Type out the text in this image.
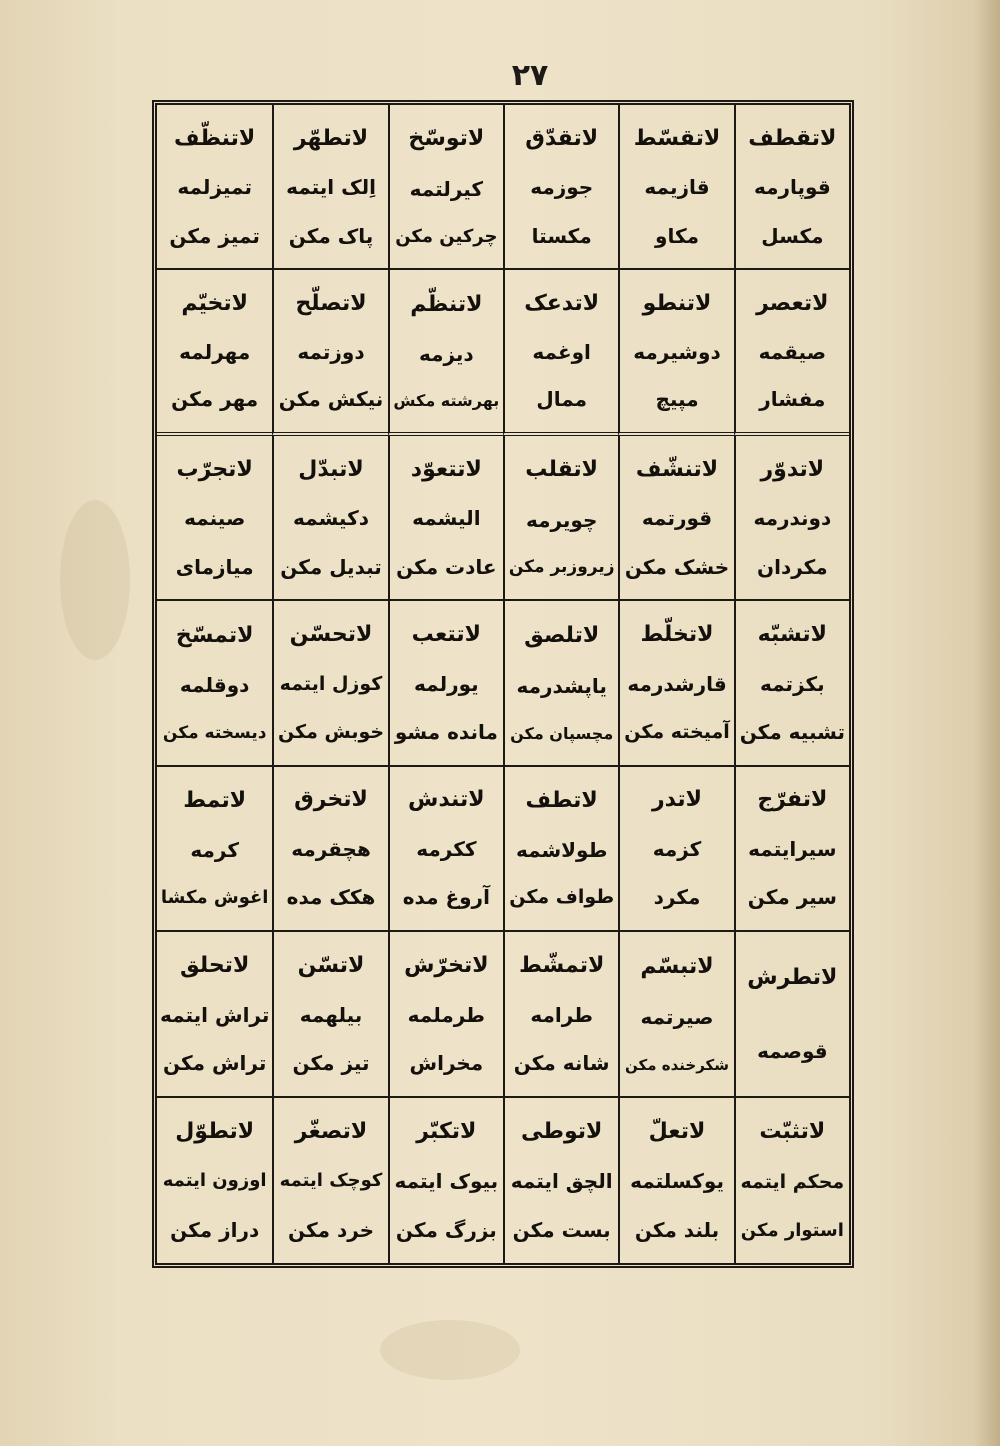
۲۷
لاتقطف
قوپارمه
مکسل
لاتقسّط
قازیمه
مکاو
لاتقدّق
جوزمه
مکستا
لاتوسّخ
کیرلتمه
چرکین مکن
لاتطهّر
اِلک ایتمه
پاک مکن
لاتنظّف
تمیزلمه
تمیز مکن
لاتعصر
صیقمه
مفشار
لاتنطو
دوشیرمه
مپیچ
لاتدعک
اوغمه
ممال
لاتنظّم
دیزمه
بهرشته مکش
لاتصلّح
دوزتمه
نیکش مکن
لاتخیّم
مهرلمه
مهر مکن
لاتدوّر
دوندرمه
مکردان
لاتنشّف
قورتمه
خشک مکن
لاتقلب
چویرمه
زیروزبر مکن
لاتتعوّد
الیشمه
عادت مکن
لاتبدّل
دکیشمه
تبدیل مکن
لاتجرّب
صینمه
میازمای
لاتشبّه
بکزتمه
تشبیه مکن
لاتخلّط
قارشدرمه
آمیخته مکن
لاتلصق
یاپشدرمه
مچسپان مکن
لاتتعب
یورلمه
مانده مشو
لاتحسّن
کوزل ایتمه
خوبش مکن
لاتمسّخ
دوقلمه
دیسخته مکن
لاتفرّج
سیرایتمه
سیر مکن
لاتدر
کزمه
مکرد
لاتطف
طولاشمه
طواف مکن
لاتندش
ککرمه
آروغ مده
لاتخرق
هچقرمه
هکک مده
لاتمط
کرمه
اغوش مکشا
لاتطرش
قوصمه
لاتبسّم
صیرتمه
شکرخنده مکن
لاتمشّط
طرامه
شانه مکن
لاتخرّش
طرملمه
مخراش
لاتسّن
بیلهمه
تیز مکن
لاتحلق
تراش ایتمه
تراش مکن
لاتثبّت
محکم ایتمه
استوار مکن
لاتعلّ
یوکسلتمه
بلند مکن
لاتوطی
الچق ایتمه
بست مکن
لاتکبّر
بیوک ایتمه
بزرگ مکن
لاتصغّر
کوچک ایتمه
خرد مکن
لاتطوّل
اوزون ایتمه
دراز مکن
